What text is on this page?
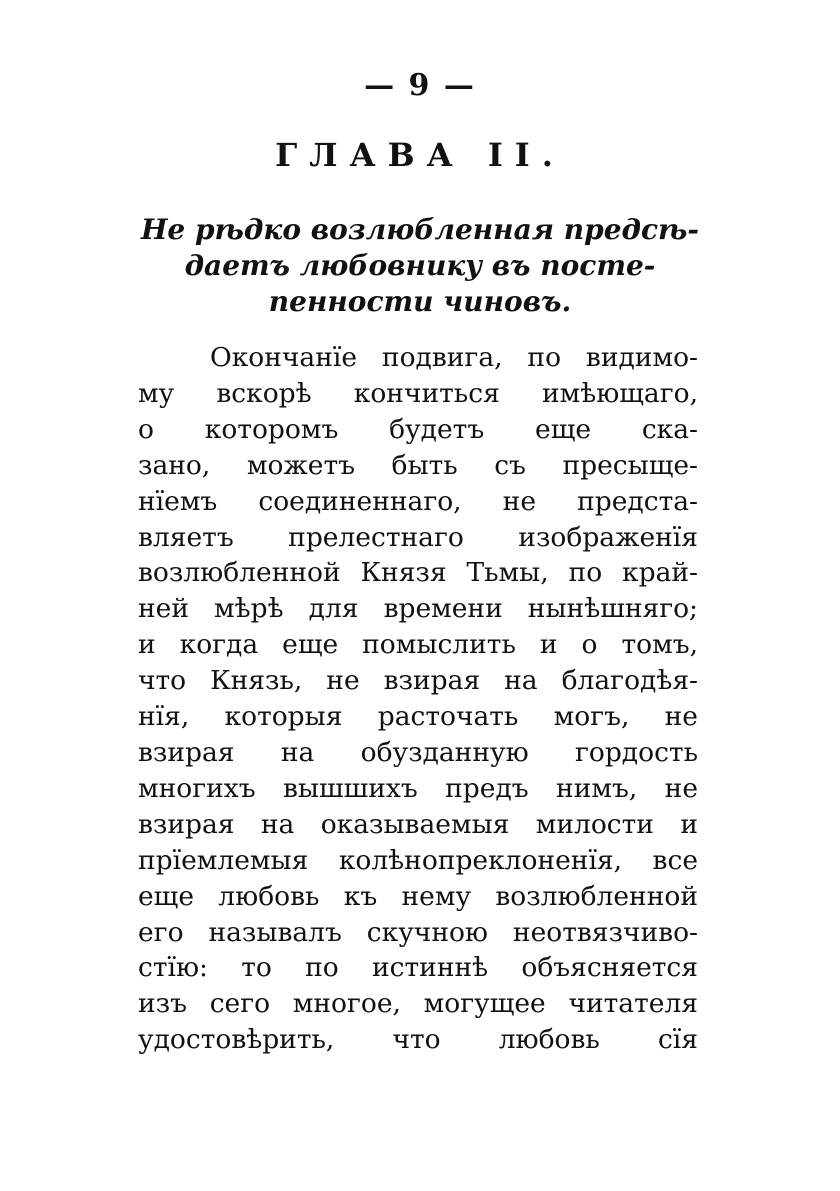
— 9 —
ГЛАВА II.
Не рѣдко возлюбленная предсѣ-
даетъ любовнику въ постe-
пенности чиновъ.
Окончанїе подвига, по видимо-
му вскорѣ кончиться имѣющаго,
о которомъ будетъ еще ска-
зано, можетъ быть съ пресыще-
нїемъ соединеннаго, не предста-
вляетъ прелестнаго изображенїя
возлюбленной Князя Тьмы, по край-
ней мѣрѣ для времени нынѣшняго;
и когда еще помыслить и о томъ,
что Князь, не взирая на благодѣя-
нїя, которыя расточать могъ, не
взирая на обузданную гордость
многихъ вышшихъ предъ нимъ, не
взирая на оказываемыя милости и
прїемлемыя колѣнопреклоненїя, все
еще любовь къ нему возлюбленной
его называлъ скучною неотвязчиво-
стїю: то по истиннѣ объясняется
изъ сего многое, могущее читателя
удостовѣрить, что любовь сїя
